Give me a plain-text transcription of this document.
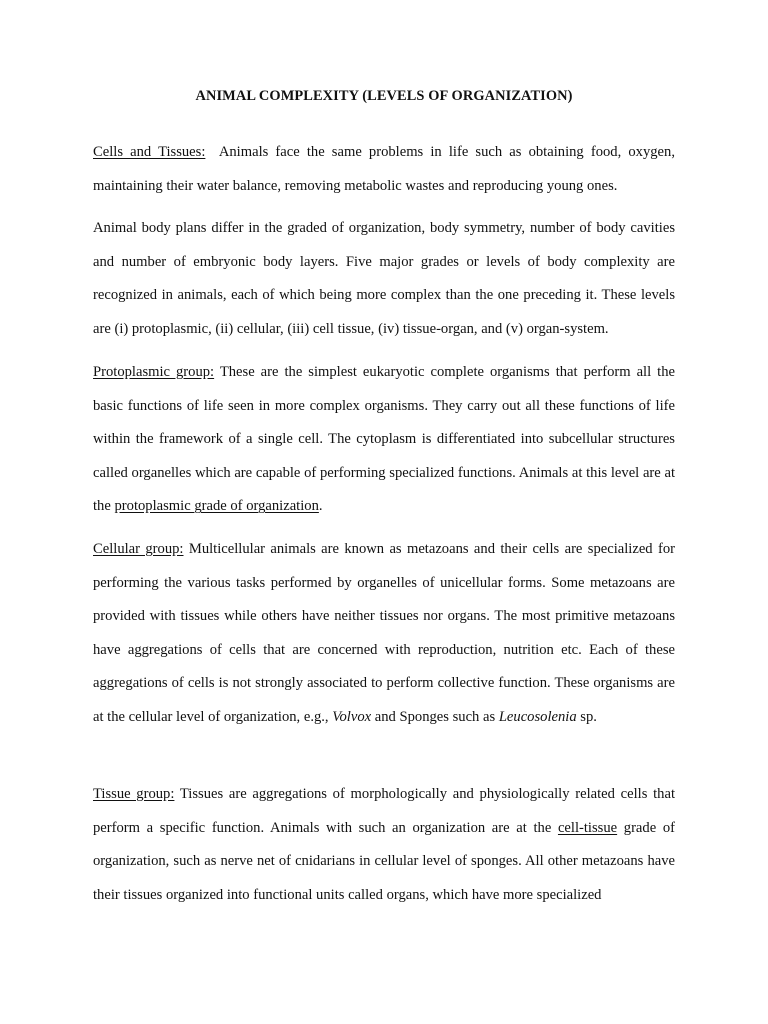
ANIMAL COMPLEXITY (LEVELS OF ORGANIZATION)
Cells and Tissues:  Animals face the same problems in life such as obtaining food, oxygen, maintaining their water balance, removing metabolic wastes and reproducing young ones.
Animal body plans differ in the graded of organization, body symmetry, number of body cavities and number of embryonic body layers. Five major grades or levels of body complexity are recognized in animals, each of which being more complex than the one preceding it. These levels are (i) protoplasmic, (ii) cellular, (iii) cell tissue, (iv) tissue-organ, and (v) organ-system.
Protoplasmic group: These are the simplest eukaryotic complete organisms that perform all the basic functions of life seen in more complex organisms. They carry out all these functions of life within the framework of a single cell. The cytoplasm is differentiated into subcellular structures called organelles which are capable of performing specialized functions. Animals at this level are at the protoplasmic grade of organization.
Cellular group: Multicellular animals are known as metazoans and their cells are specialized for performing the various tasks performed by organelles of unicellular forms. Some metazoans are provided with tissues while others have neither tissues nor organs. The most primitive metazoans have aggregations of cells that are concerned with reproduction, nutrition etc. Each of these aggregations of cells is not strongly associated to perform collective function. These organisms are at the cellular level of organization, e.g., Volvox and Sponges such as Leucosolenia sp.
Tissue group: Tissues are aggregations of morphologically and physiologically related cells that perform a specific function. Animals with such an organization are at the cell-tissue grade of organization, such as nerve net of cnidarians in cellular level of sponges. All other metazoans have their tissues organized into functional units called organs, which have more specialized
